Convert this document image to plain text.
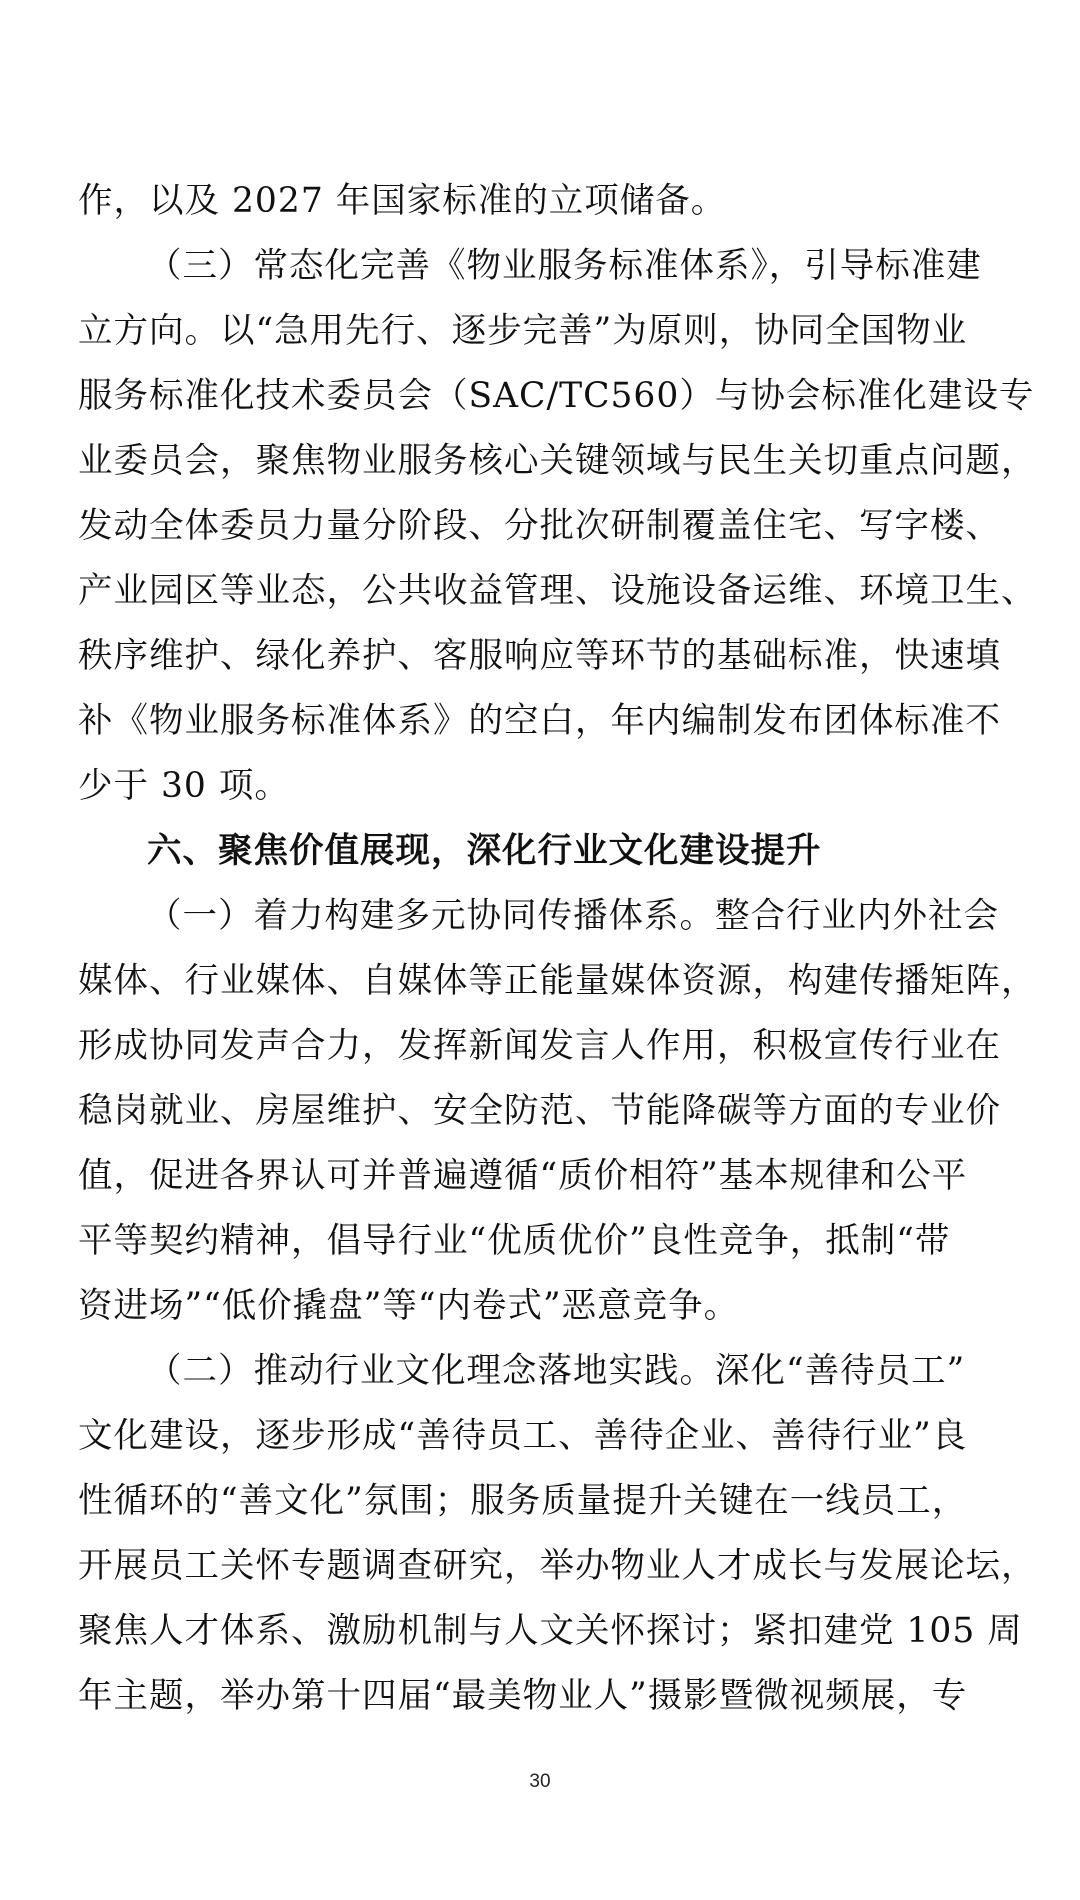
作，以及 2027 年国家标准的立项储备。
（三）常态化完善《物业服务标准体系》，引导标准建
立方向。以“急用先行、逐步完善”为原则，协同全国物业
服务标准化技术委员会（SAC/TC560）与协会标准化建设专
业委员会，聚焦物业服务核心关键领域与民生关切重点问题，
发动全体委员力量分阶段、分批次研制覆盖住宅、写字楼、
产业园区等业态，公共收益管理、设施设备运维、环境卫生、
秩序维护、绿化养护、客服响应等环节的基础标准，快速填
补《物业服务标准体系》的空白，年内编制发布团体标准不
少于 30 项。
六、聚焦价值展现，深化行业文化建设提升
（一）着力构建多元协同传播体系。整合行业内外社会
媒体、行业媒体、自媒体等正能量媒体资源，构建传播矩阵，
形成协同发声合力，发挥新闻发言人作用，积极宣传行业在
稳岗就业、房屋维护、安全防范、节能降碳等方面的专业价
值，促进各界认可并普遍遵循“质价相符”基本规律和公平
平等契约精神，倡导行业“优质优价”良性竞争，抵制“带
资进场”“低价撬盘”等“内卷式”恶意竞争。
（二）推动行业文化理念落地实践。深化“善待员工”
文化建设，逐步形成“善待员工、善待企业、善待行业”良
性循环的“善文化”氛围；服务质量提升关键在一线员工，
开展员工关怀专题调查研究，举办物业人才成长与发展论坛，
聚焦人才体系、激励机制与人文关怀探讨；紧扣建党 105 周
年主题，举办第十四届“最美物业人”摄影暨微视频展，专
30
